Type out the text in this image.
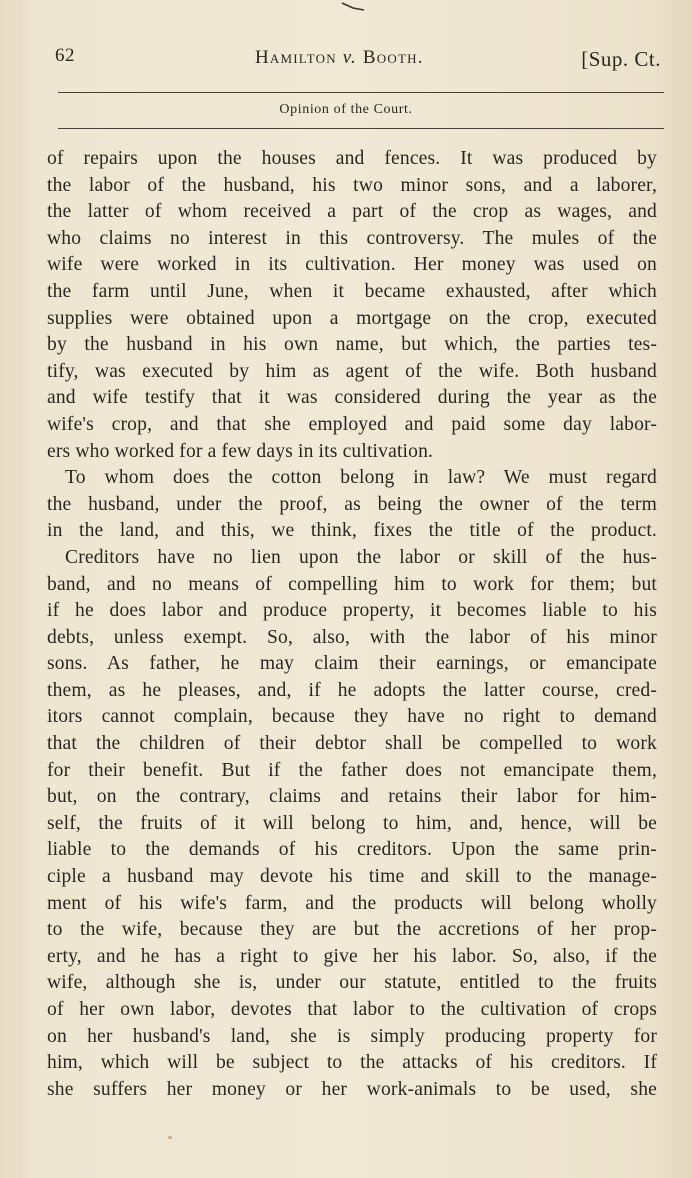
62	Hamilton v. Booth.	[Sup. Ct.
Opinion of the Court.
of repairs upon the houses and fences. It was produced by
the labor of the husband, his two minor sons, and a laborer,
the latter of whom received a part of the crop as wages, and
who claims no interest in this controversy. The mules of the
wife were worked in its cultivation. Her money was used on
the farm until June, when it became exhausted, after which
supplies were obtained upon a mortgage on the crop, executed
by the husband in his own name, but which, the parties tes-
tify, was executed by him as agent of the wife. Both husband
and wife testify that it was considered during the year as the
wife's crop, and that she employed and paid some day labor-
ers who worked for a few days in its cultivation.
To whom does the cotton belong in law? We must regard
the husband, under the proof, as being the owner of the term
in the land, and this, we think, fixes the title of the product.
Creditors have no lien upon the labor or skill of the hus-
band, and no means of compelling him to work for them; but
if he does labor and produce property, it becomes liable to his
debts, unless exempt. So, also, with the labor of his minor
sons. As father, he may claim their earnings, or emancipate
them, as he pleases, and, if he adopts the latter course, cred-
itors cannot complain, because they have no right to demand
that the children of their debtor shall be compelled to work
for their benefit. But if the father does not emancipate them,
but, on the contrary, claims and retains their labor for him-
self, the fruits of it will belong to him, and, hence, will be
liable to the demands of his creditors. Upon the same prin-
ciple a husband may devote his time and skill to the manage-
ment of his wife's farm, and the products will belong wholly
to the wife, because they are but the accretions of her prop-
erty, and he has a right to give her his labor. So, also, if the
wife, although she is, under our statute, entitled to the fruits
of her own labor, devotes that labor to the cultivation of crops
on her husband's land, she is simply producing property for
him, which will be subject to the attacks of his creditors. If
she suffers her money or her work-animals to be used, she
